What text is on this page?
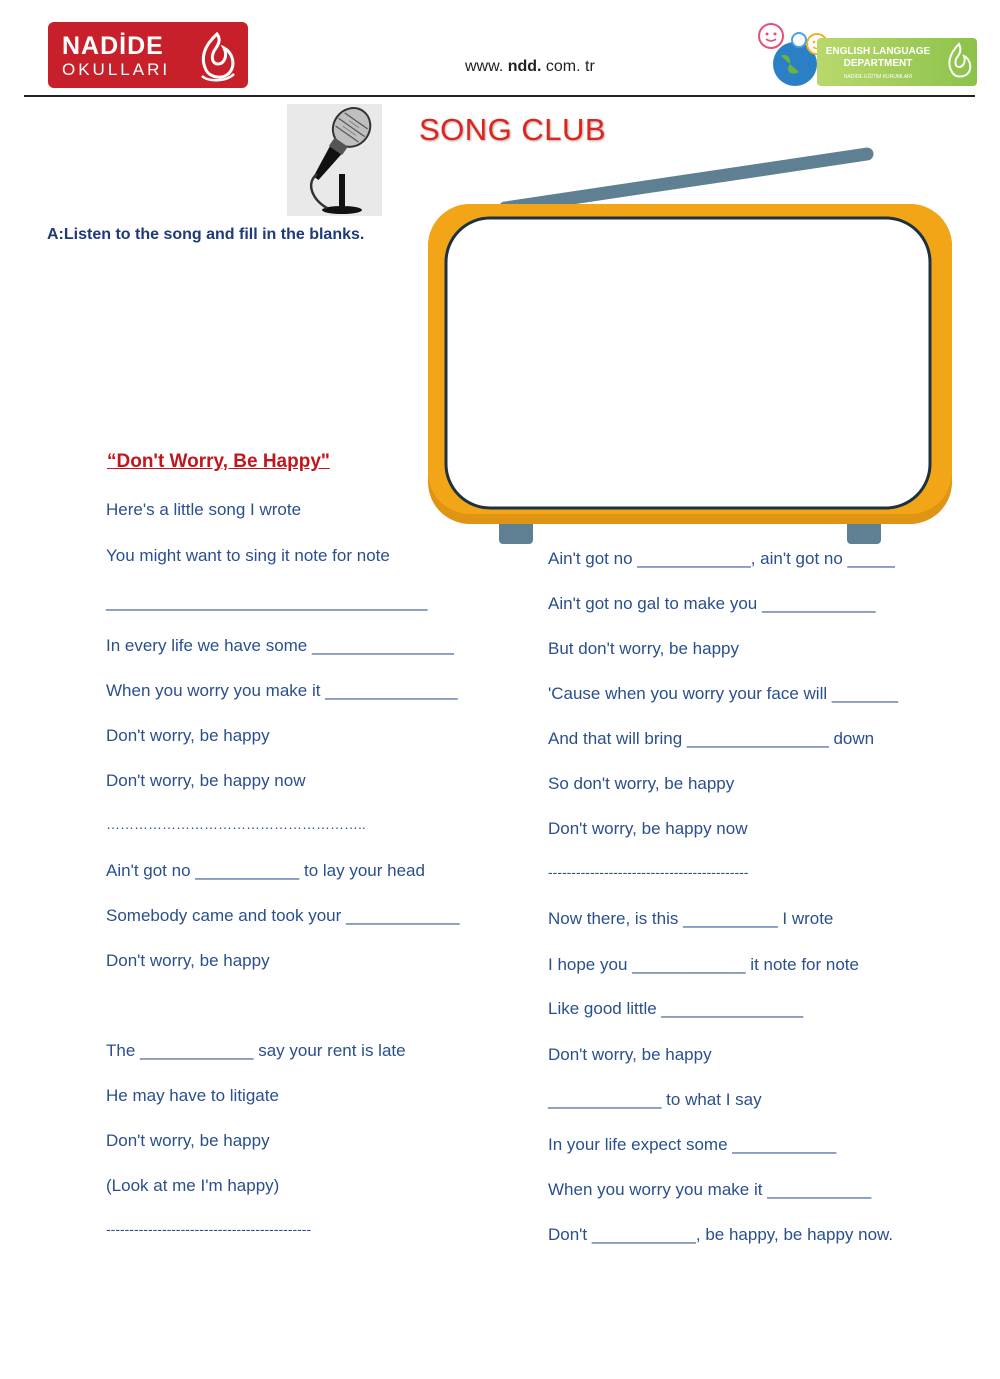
NADİDE
OKULLARI	www. ndd. com. tr
ENGLISH LANGUAGE
DEPARTMENT
NADİDE EĞİTİM KURUMLARI
SONG CLUB
A:Listen to the song and fill in the blanks.
“Don't Worry, Be Happy"
Here's a little song I wrote
You might want to sing it note for note
__________________________________
In every life we have some _______________
When you worry you make it ______________
Don't worry, be happy
Don't worry, be happy now
………………………………………………..
Ain't got no ___________ to lay your head
Somebody came and took your ____________
Don't worry, be happy
The ____________ say your rent is late
He may have to litigate
Don't worry, be happy
(Look at me I'm happy)
--------------------------------------------
Ain't got no ____________, ain't got no _____
Ain't got no gal to make you ____________
But don't worry, be happy
'Cause when you worry your face will _______
And that will bring _______________ down
So don't worry, be happy
Don't worry, be happy now
-------------------------------------------
Now there, is this __________ I wrote
I hope you ____________ it note for note
Like good little _______________
Don't worry, be happy
____________ to what I say
In your life expect some ___________
When you worry you make it ___________
Don't ___________, be happy, be happy now.
